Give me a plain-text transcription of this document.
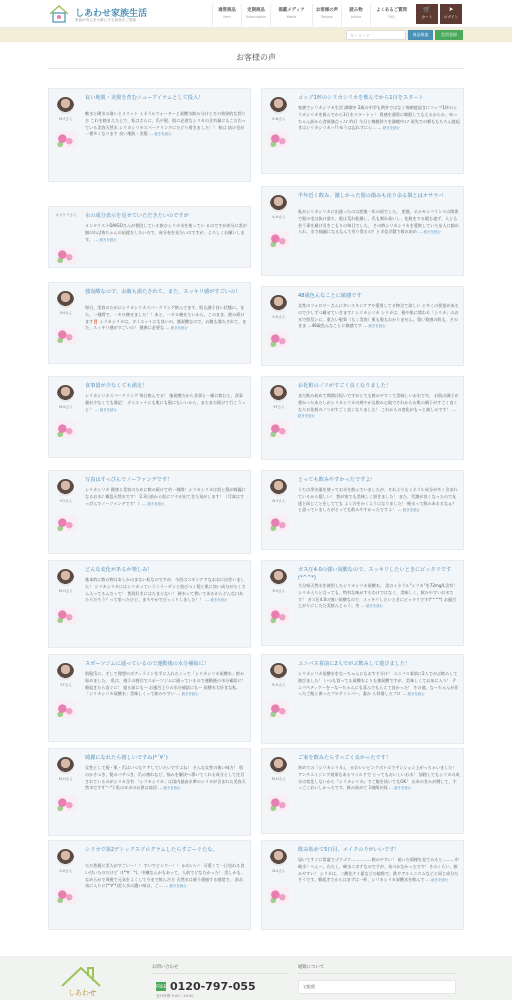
しあわせ家族生活
家族が安心を大事にする商品をご提案
通常商品
Item
定期商品
Subscription
掲載メディア
Media
お客様の声
Review
読み物
Article
よくあるご質問
FAQ
🛒
カート
➤
ログイン
キーワード	商品検索	会員登録
お客様の声
M.Fさん
良い地肌・美髪を育むニューアイテムとして投入！
軟水と硬水の違いとメリット ミネラルウォーターと炭酸水飲み分けとその効果的な摂り方 これを踏まえた上で、私はさらに、爪や髪、肌に必要なシリカの含有量にもこだわっている美容天然水 シリカシリカスパークリングにたどり着きました！！ 秋は 抜け毛が一番多くなります 良い地肌・美髪 … 続きを読む
カズリクさん	水の成分表示を見せていただきたいのですが
メンタリストDAIGOさんが普段している飲むシリカ水を使ってい るのですが成分に差が無ければ皆ちゃんの応援をしたいので、成分表を見たいのですが、よろしくお願いします。 … 続きを読む
Y.Hさん
強炭酸なので、お腹も満たされて、また、スッキリ感がすごいの！
毎日、美容のためにシリカシリカスパークリング飲んでます。肌も調子良い状態に。また、一週間で、一キロ痩せました！！あと、一キロ痩せたいから、このまま、飲み続けます‼️ シリカシリカは、ダイエットにも良いの。強炭酸なので、お腹も満たされて、また、スッキリ感がすごいの！ 健康に必要な … 続きを読む
M.Kさん
食事量が少なくても満足！
シリカシリカスパークリング 毎日飲んでる！ 強炭酸だから食事と一緒に飲むと、食事量が少なくても満足！ ダイエットにも肌にも髪にもいいから、またまだ続けて行こうっと！ … 続きを読む
Y.Oさん
写真はすっぴんでノーファンデです！
シリカシリカ 健康と美容のために飲み続けて約一週間！シリカシリカは肌と髪が綺麗になるお水♪ 霧島天然水です！ 2.3日前から肌にツヤが出てきた気がします！（写真はすっぴんでノーファンデです！）… 続きを読む
M.Oさん
どんな変化があるか楽しみ！
基本的に飲み物はあしかのまない私なのですが、今回はスキンケアなお水に出会いました！ シリカシリカにはシリカっていうコラーゲンと結びつく髪と肌に良い成分がたくさん入ってるんだって！ 普段好きにはたまらない！ 硬水って書いてあるからどんな口あたりだろう？って思ったけど、まろやかでびっくりしました！！ … 続きを読む
Y.Tさん
スポーツジムに通っているので運動後の水分補給に！
肌髪爪に。そして理想のボディラインを手に入れたくって「シリカシリカ炭酸水」飲み始めました。 私は、週２の割合でスポーツジムに通っているので運動後の水分補給に！ 朝起きたら直ぐに！ 寝る前にも〜 お風呂上りの水分補給にも〜 炭酸水大好きな私。 「シリカシリカ炭酸水」美味しくって飲みやすい … 続きを読む
M.Hさん
綺麗になれたら嬉しいですね(*´∀`)
女性として髪・肌・爪はいつもケアしていたいですよね！ そんな女性の強い味方！ 肌のかさつき、髪のパサつき、爪の割れなど、悩みを解決へ導いてくれる成分として注目されているのがシリカ含有 「シリカシリカ」は国内最高水準のシリカが含まれた美容天然水です!(^-^) 私のヨガのお供は前回 … 続きを読む
S.Hさん
シリカで第2デトックスプログラムしたらすごーぐたな。
ただ普通に美人がすごいー！！ すいでピンクー！！ かわいい！ 可愛くて一日売れる食い付いたのだけど（(*'∀｀*)。中継なんかもあって、人前でどなたかった！ 美しかも、なめらかで周後で元気をよくして今まで飲んだ方 天然水は違う違過する感覚で、 前お気に入りに(*'∀'*)美人水の濃い味は、ご… … 続きを読む
K.Nさん
コップ1杯のシリカシリカを飲んでから1日をスタート
家族でシリカシリカ生活 満喫中 2歳の中学も例外ではなく毎朝寝起きにコップ1杯のシリカシリカを飲んでから1日をスタートッ！ 質感を通常に制限してもえるからか、ゆっちゃん前から食欲満点ッ♪♪ 昨日 今日と梅桃狩りを満喫中♪♪ 炭先での朝ももちろん寝起きはシリカシリカッ!! ゆうは忘れずにシ… … 続きを読む
A.Hさん
半年近く飲み、激しかった髪の傷みも戻り余る掴とはオサラバ
私がシリカシリカに出逢ったのは産後一年の頃でした。 産後、ホルモンバランスの関係で髪の毛は抜け落ち、肌は荒れ乾燥し、爪も割れ易いし、化粧をする暇も寝ず、人とも会う事を避け引きこもりの毎日でした。 その時シリカシリカを愛飲していた友人に勧められ、水で綺麗になるなんて有り得るの？と半信半疑で飲み始め … 続きを読む
S.Hさん
48歳色んなことに敏感です
女性のフォロワーさんに多いスキンケアや愛用してる物全て欲しい と多くの要望があるので少しずつ載せていきます♪ シリカシリカ シリカは、髪や肌に関わる「シリカ」のお水で肌荒いに、重たい髪質（もく美容）肌も髪もわかりません。重い質感の肌も、そのまま …48歳色んなことに敏感です … 続きを読む
Y.Fさん
お化粧のノリがすごく良くなりました！
まだ飲み始めて期間は短いですがとても飲みやすくて美味しいお水です。 お肌の調子が悪かったあたしがシリカシリカの爽やかな飲み心地でそれからお肌の調子がすごく良くなりお化粧のノリがすごく良くなりました！ これからの変化がもっと楽しみです！ … 続きを読む
N.Yさん
とっても飲みやすかったですよ！
うちは浄水器を使ってお水を飲んでいましたが、それよりもミネラル成分が多く含まれているから嬉しい！ 我が家でも美味しく頂きました！ また、代謝が良くなったので友達と同じことをしてても よく汗をかくようになりました！ 硬水って飲みあるるなぁ？と思っていましたがとっても飲みやすかったですよ！ … 続きを読む
R.Sさん
ガス圧4.0の強い炭酸なので、スッキリしたいときにピッタリです(*^^*)
大分県天然水を使用したシリカシリカ炭酸水。 美のミネラル"シリカ"を72mg/L含有！ シリカ入りと言っても、特有な味がするわけではなく、美味しく、飲みやすいお水です！ ガス圧4.0の強い炭酸なので、スッキリしたいときにピッタリです(*^^*) お風呂上がりにしたた美飲んじゃう。芙 … 続きを読む
R.Hさん
ユニバス着前に2人でがぶ飲みして遊びました！
シリカシリカ炭酸水をな〜ちゃんにもおすそ分け！ ユニバス着前に2人でがぶ飲みして遊びました！ いつも買ってる炭酸水よりも強炭酸ですが、美味しくてお気に入り！ テンパペディケーを〜な〜ちゃんにも喜んでもらえて良かった！ その他、な〜ちゃんが作ったご飯と黄ったプロテインパー、妻か ら拝借したプロ … 続きを読む
M.Hさん
ご家を飲みたらすっごく良かったです！
初めての『シリカシリカ』。 かわいいピンクボトルでテンション上がっちゃいました！ アンチエイジング効果もあるマイルドで とってもおいしいお水！ 加熱してもシリカの成分は変化しないから『シリカシリカ』でご飯を炊いてもOK！ お米の甘みが増して、すっごくおいしかったです。飲み始めて 1週間が経 … 続きを読む
N.Sさん
飲み始めて5日目、メイクのりがいいです！
届いてすぐに常温でゴクゴク……………飲みやすい！ 届いた情報を見てみると………中硬水！へぇ〜。わたし、硬水ニガテなのですが、気づかなかったです！そのくらい、飲みやすい！ シリカは、二酸化ケイ素などの総称で、鉄やアルミニウムなどと同じ成分だそうです。朝起きてからはまずは一杯、シリカシリカ炭酸水を飲んで … 続きを読む
しあわせ
お問い合わせ
FREE 0120-797-055
受付時間 9:00〜18:00
通販について
宅配便
